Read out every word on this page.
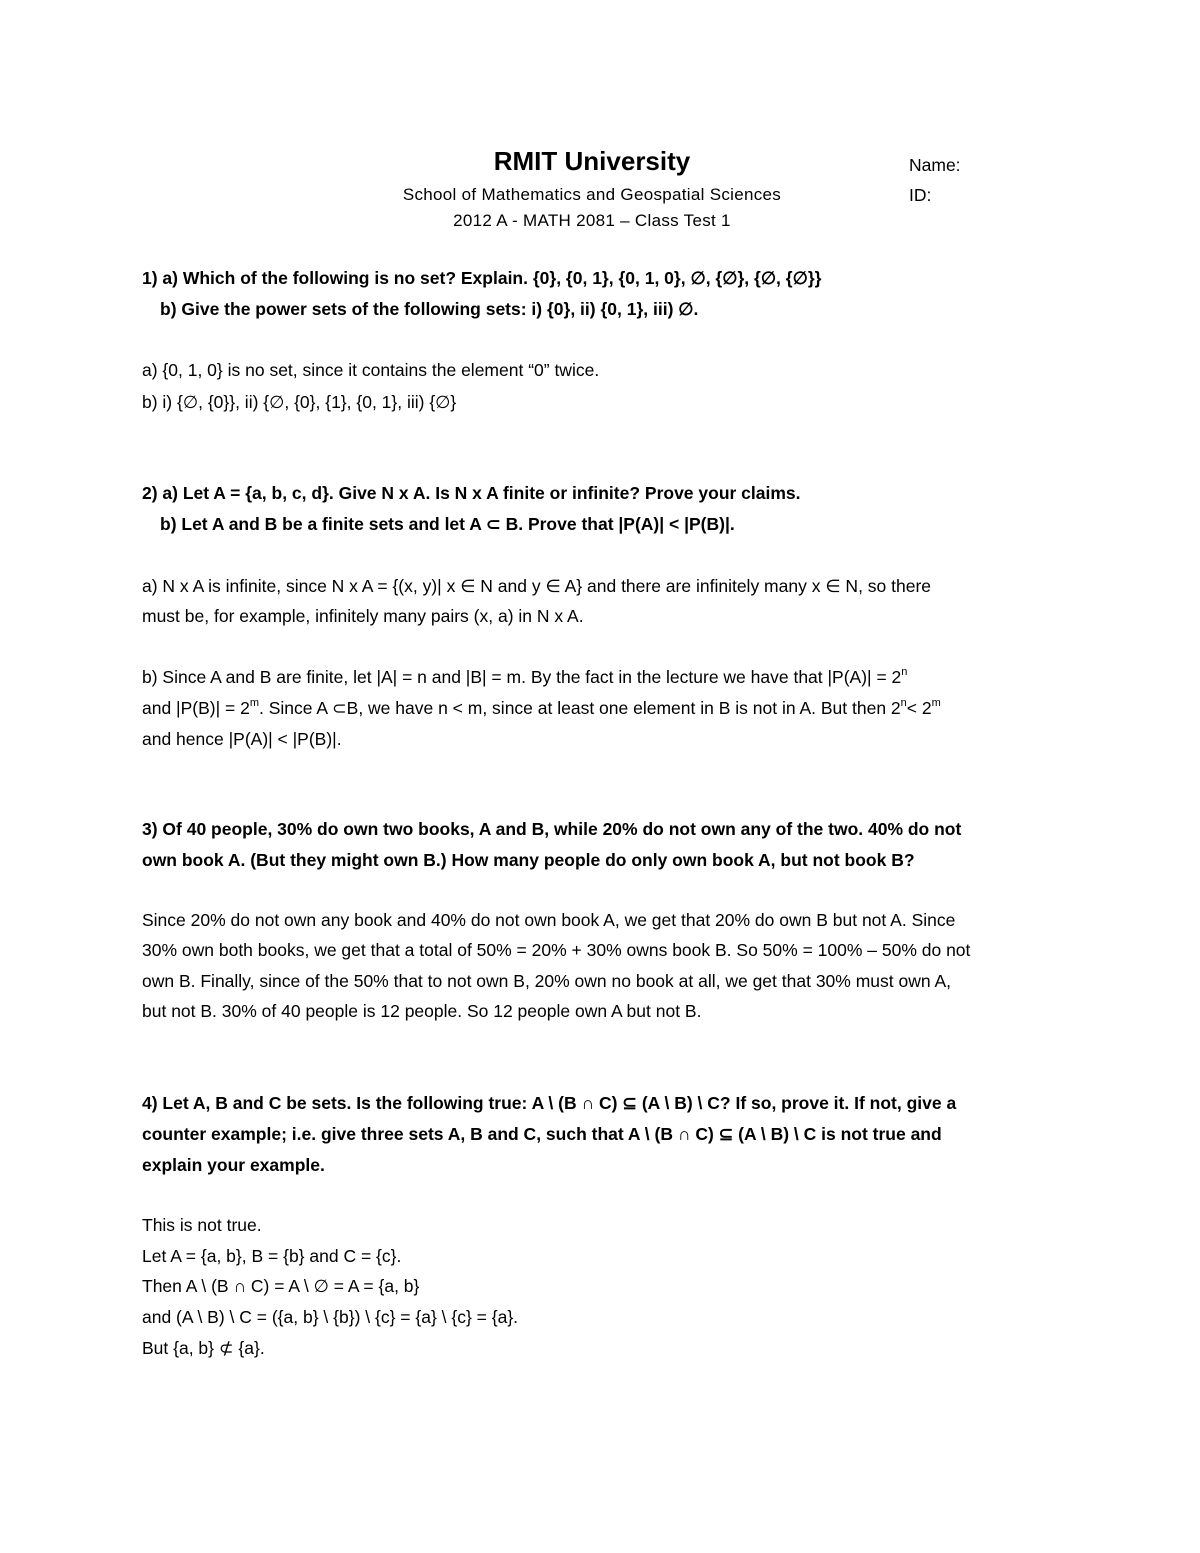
RMIT University	Name:
School of Mathematics and Geospatial Sciences	ID:
2012 A - MATH 2081 – Class Test 1
1) a) Which of the following is no set? Explain. {0}, {0, 1}, {0, 1, 0}, ∅, {∅}, {∅, {∅}}
b) Give the power sets of the following sets: i) {0}, ii) {0, 1}, iii) ∅.
a) {0, 1, 0} is no set, since it contains the element “0” twice.
b) i) {∅, {0}}, ii) {∅, {0}, {1}, {0, 1}, iii) {∅}
2) a) Let A = {a, b, c, d}. Give N x A. Is N x A finite or infinite? Prove your claims.
b) Let A and B be a finite sets and let A ⊂ B. Prove that |P(A)| < |P(B)|.
a) N x A is infinite, since N x A = {(x, y)| x ∈ N and y ∈ A} and there are infinitely many x ∈ N, so there
must be, for example, infinitely many pairs (x, a) in N x A.
b) Since A and B are finite, let |A| = n and |B| = m. By the fact in the lecture we have that $|P(A)| = 2^n$
and $|P(B)| = 2^m$. Since A ⊂B, we have n < m, since at least one element in B is not in A. But then $2^n< 2^m$
and hence |P(A)| < |P(B)|.
3) Of 40 people, 30% do own two books, A and B, while 20% do not own any of the two. 40% do not
own book A. (But they might own B.) How many people do only own book A, but not book B?
Since 20% do not own any book and 40% do not own book A, we get that 20% do own B but not A. Since
30% own both books, we get that a total of 50% = 20% + 30% owns book B. So 50% = 100% – 50% do not
own B. Finally, since of the 50% that to not own B, 20% own no book at all, we get that 30% must own A,
but not B. 30% of 40 people is 12 people. So 12 people own A but not B.
4) Let A, B and C be sets. Is the following true: A \ (B ∩ C) ⊆ (A \ B) \ C? If so, prove it. If not, give a
counter example; i.e. give three sets A, B and C, such that A \ (B ∩ C) ⊆ (A \ B) \ C is not true and
explain your example.
This is not true.
Let A = {a, b}, B = {b} and C = {c}.
Then A \ (B ∩ C) = A \ ∅ = A = {a, b}
and (A \ B) \ C = ({a, b} \ {b}) \ {c} = {a} \ {c} = {a}.
But {a, b} ⊄ {a}.
